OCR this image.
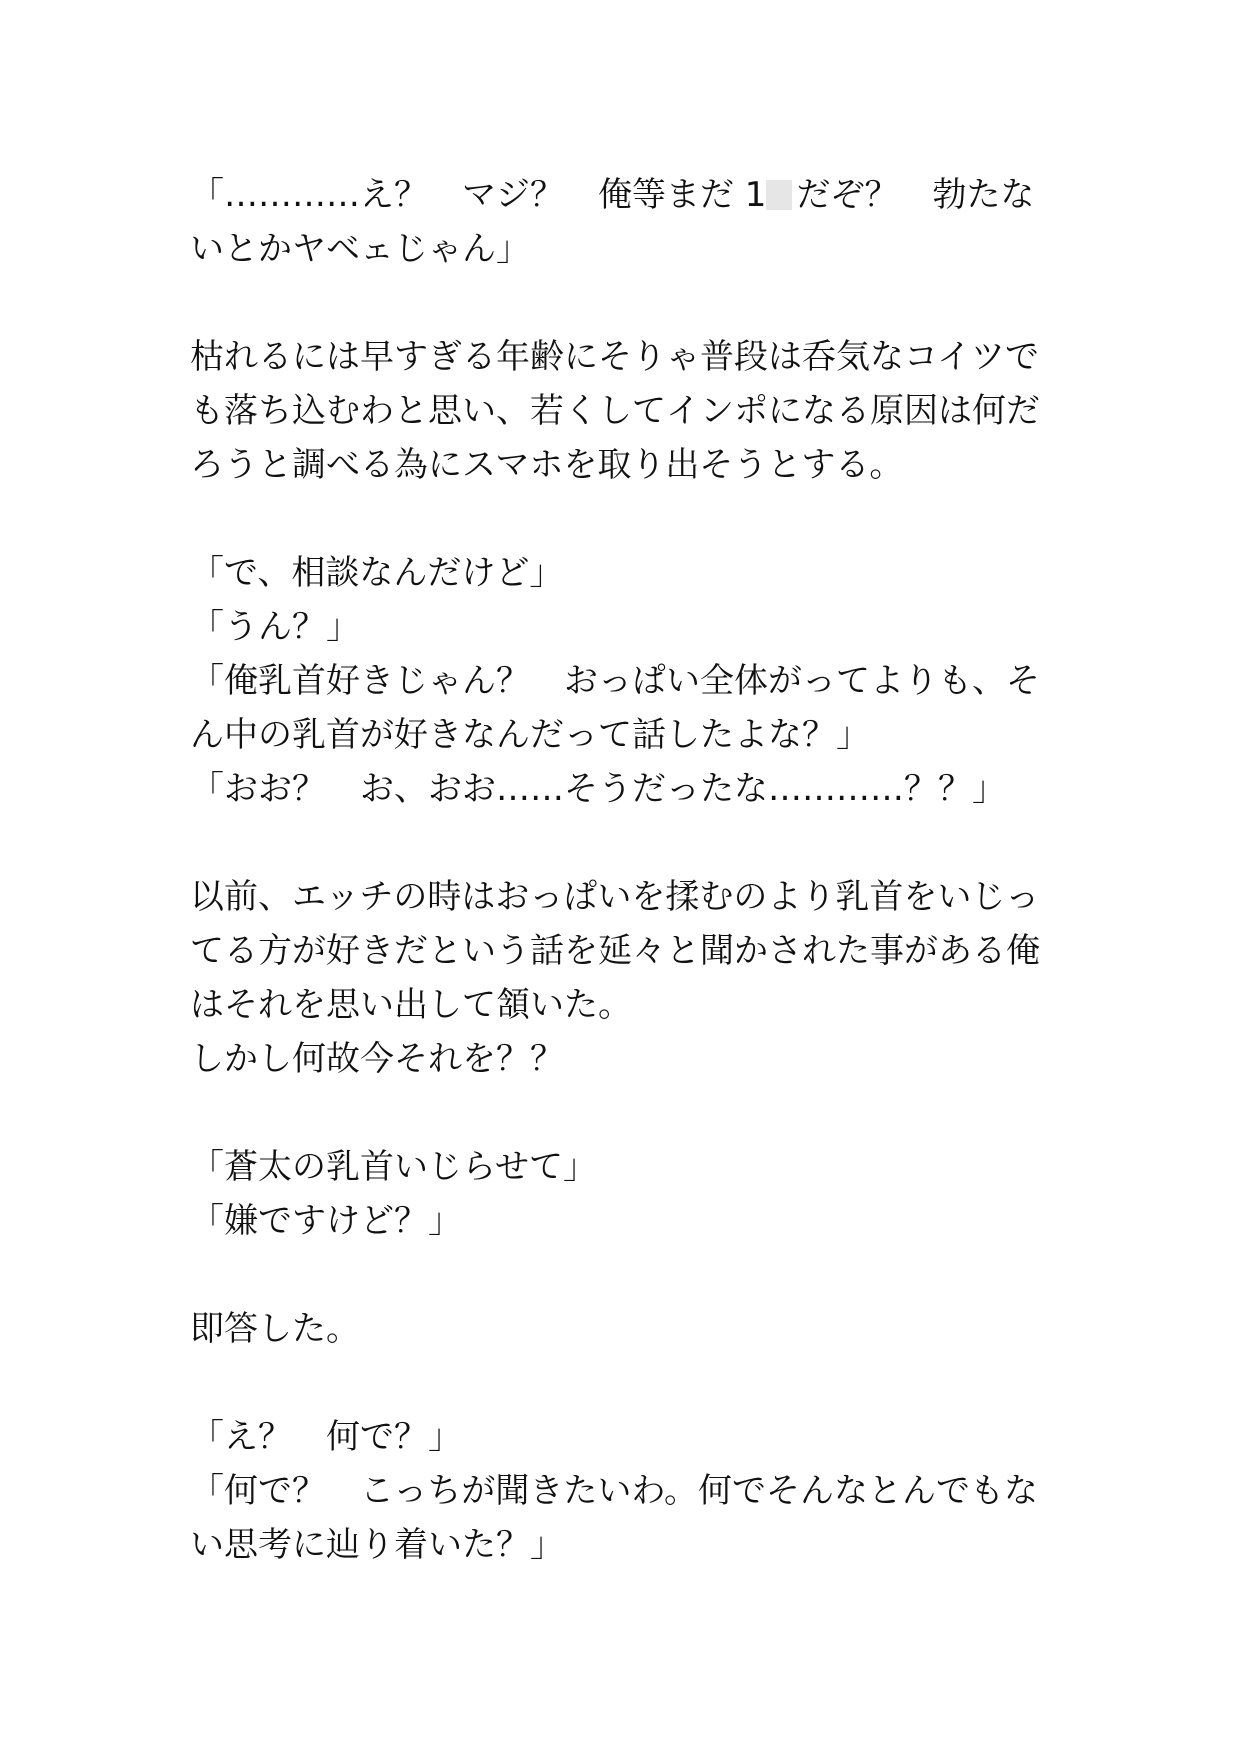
「…………え？　マジ？　俺等まだ 1 だぞ？　勃たな
いとかヤベェじゃん」
枯れるには早すぎる年齢にそりゃ普段は呑気なコイツで
も落ち込むわと思い、若くしてインポになる原因は何だ
ろうと調べる為にスマホを取り出そうとする。
「で、相談なんだけど」
「うん？」
「俺乳首好きじゃん？　おっぱい全体がってよりも、そ
ん中の乳首が好きなんだって話したよな？」
「おお？　お、おお……そうだったな…………？？」
以前、エッチの時はおっぱいを揉むのより乳首をいじっ
てる方が好きだという話を延々と聞かされた事がある俺
はそれを思い出して頷いた。
しかし何故今それを？？
「蒼太の乳首いじらせて」
「嫌ですけど？」
即答した。
「え？　何で？」
「何で？　こっちが聞きたいわ。何でそんなとんでもな
い思考に辿り着いた？」
